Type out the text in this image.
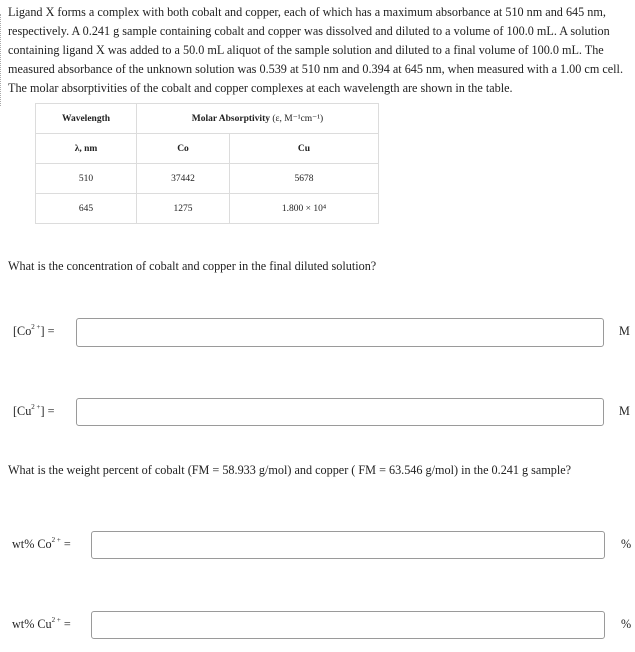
Ligand X forms a complex with both cobalt and copper, each of which has a maximum absorbance at 510 nm and 645 nm, respectively. A 0.241 g sample containing cobalt and copper was dissolved and diluted to a volume of 100.0 mL. A solution containing ligand X was added to a 50.0 mL aliquot of the sample solution and diluted to a final volume of 100.0 mL. The measured absorbance of the unknown solution was 0.539 at 510 nm and 0.394 at 645 nm, when measured with a 1.00 cm cell. The molar absorptivities of the cobalt and copper complexes at each wavelength are shown in the table.
Wavelength	Molar Absorptivity (ε, M⁻¹cm⁻¹)	
λ, nm	Co	Cu
510	37442	5678
645	1275	1.800 × 10⁴
What is the concentration of cobalt and copper in the final diluted solution?
$[Co^{2 +}]$ =	M
$[Cu^{2 +}]$ =	M
What is the weight percent of cobalt (FM = 58.933 g/mol) and copper ( FM = 63.546 g/mol) in the 0.241 g sample?
wt% $Co^{2 +}$ =	%
wt% $Cu^{2 +}$ =	%
